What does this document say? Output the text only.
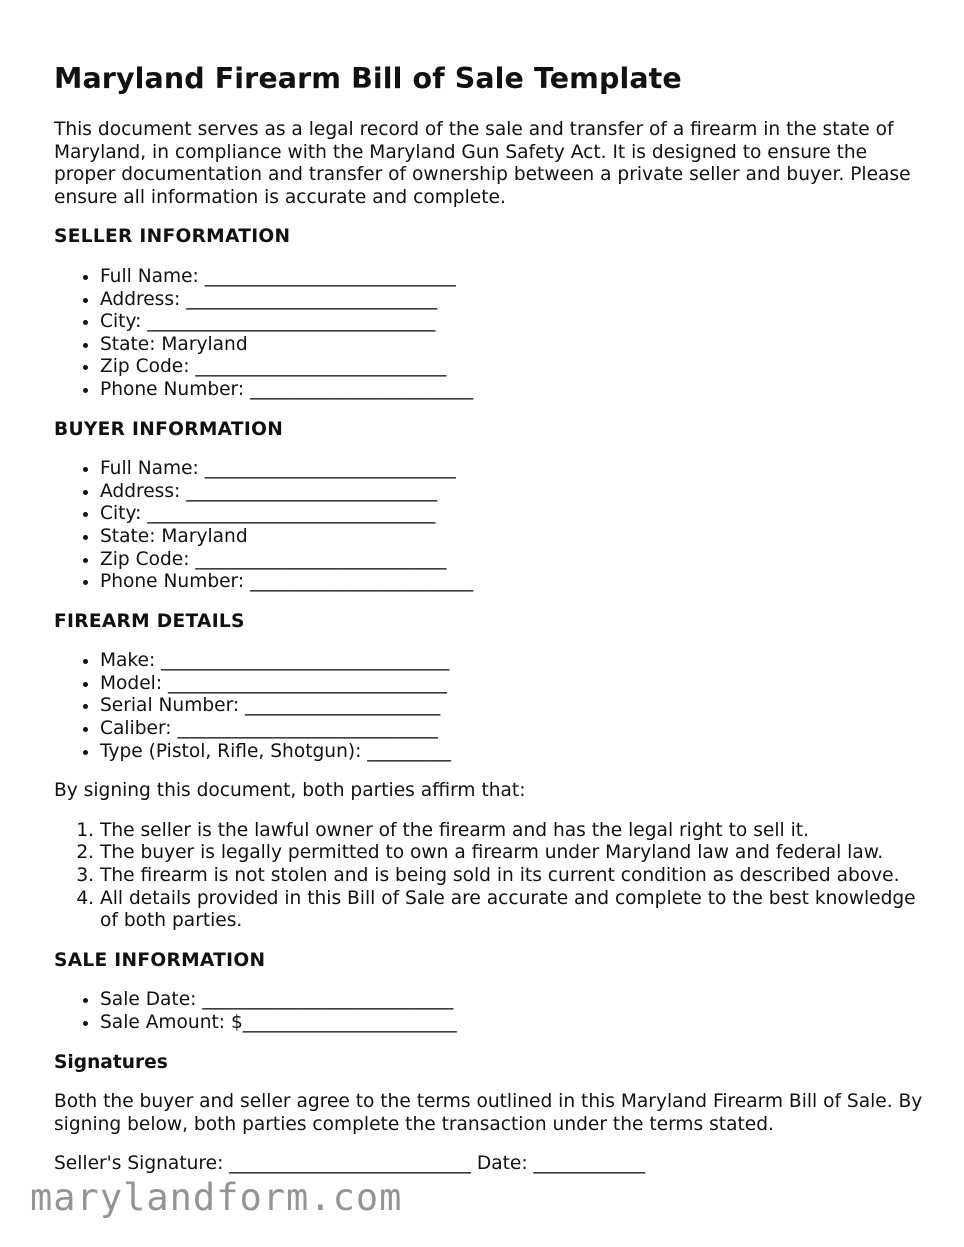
Maryland Firearm Bill of Sale Template

This document serves as a legal record of the sale and transfer of a firearm in the state of Maryland, in compliance with the Maryland Gun Safety Act. It is designed to ensure the proper documentation and transfer of ownership between a private seller and buyer. Please ensure all information is accurate and complete.

SELLER INFORMATION
• Full Name: ___________________________
• Address: ___________________________
• City: _______________________________
• State: Maryland
• Zip Code: ___________________________
• Phone Number: ________________________
BUYER INFORMATION
• Full Name: ___________________________
• Address: ___________________________
• City: _______________________________
• State: Maryland
• Zip Code: ___________________________
• Phone Number: ________________________
FIREARM DETAILS
• Make: _______________________________
• Model: ______________________________
• Serial Number: _____________________
• Caliber: ____________________________
• Type (Pistol, Rifle, Shotgun): _________

By signing this document, both parties affirm that:

1. The seller is the lawful owner of the firearm and has the legal right to sell it.
2. The buyer is legally permitted to own a firearm under Maryland law and federal law.
3. The firearm is not stolen and is being sold in its current condition as described above.
4. All details provided in this Bill of Sale are accurate and complete to the best knowledge of both parties.
SALE INFORMATION
• Sale Date: ___________________________
• Sale Amount: $_______________________
Signatures

Both the buyer and seller agree to the terms outlined in this Maryland Firearm Bill of Sale. By signing below, both parties complete the transaction under the terms stated.

Seller's Signature: __________________________ Date: ____________

marylandform.com
